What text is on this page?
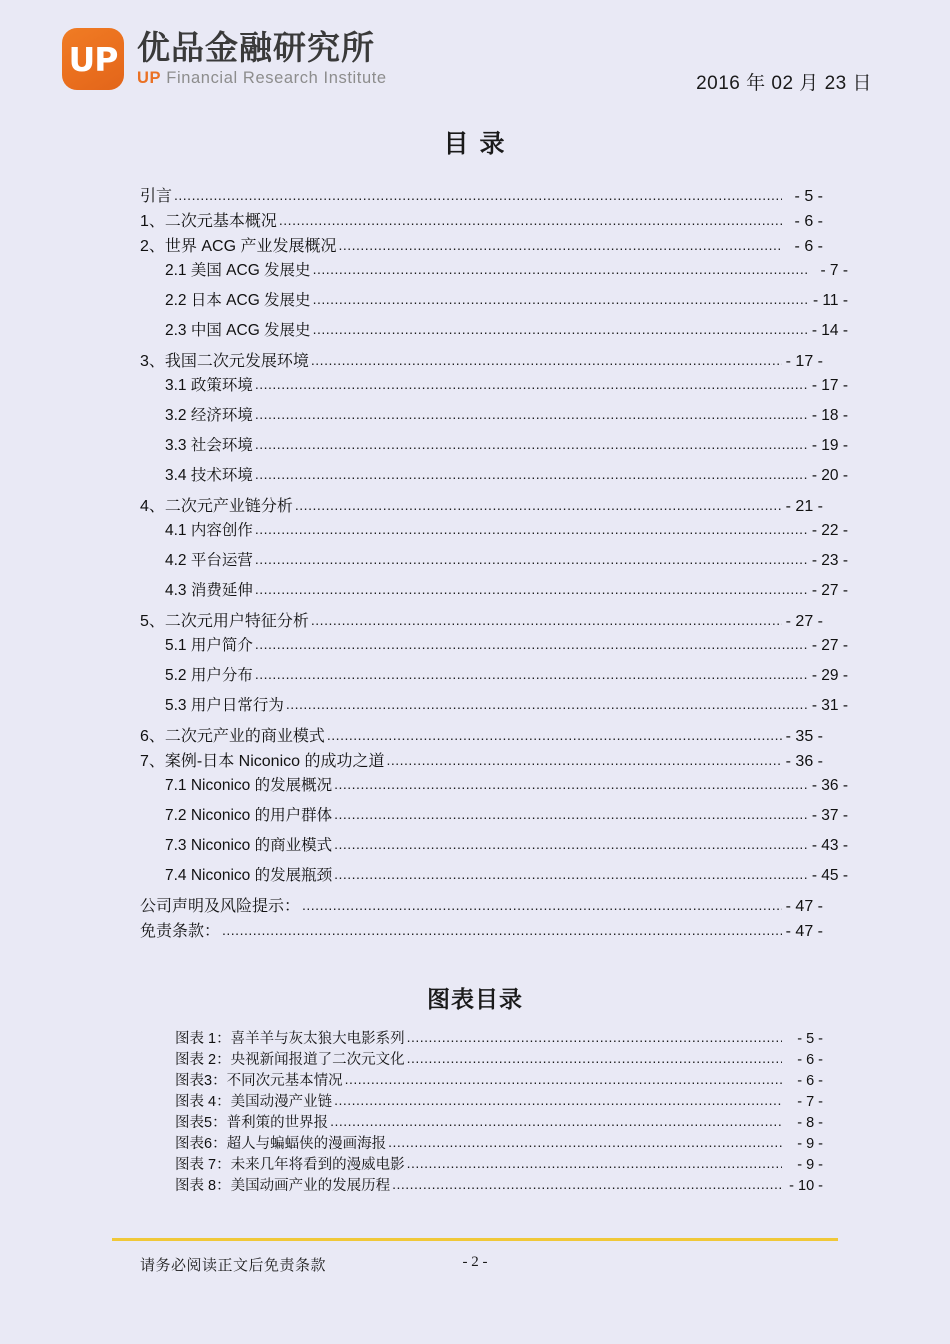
UP 优品金融研究所
UP Financial Research Institute	2016 年 02 月 23 日
目 录
引言 .....	- 5 -
1、二次元基本概况 .....	- 6 -
2、世界 ACG 产业发展概况 .....	- 6 -
2.1 美国 ACG 发展史 .....	- 7 -
2.2 日本 ACG 发展史 .....	- 11 -
2.3 中国 ACG 发展史 .....	- 14 -
3、我国二次元发展环境 .....	- 17 -
3.1 政策环境 .....	- 17 -
3.2 经济环境 .....	- 18 -
3.3 社会环境 .....	- 19 -
3.4 技术环境 .....	- 20 -
4、二次元产业链分析 .....	- 21 -
4.1 内容创作 .....	- 22 -
4.2 平台运营 .....	- 23 -
4.3 消费延伸 .....	- 27 -
5、二次元用户特征分析 .....	- 27 -
5.1 用户简介 .....	- 27 -
5.2 用户分布 .....	- 29 -
5.3 用户日常行为 .....	- 31 -
6、二次元产业的商业模式 .....	- 35 -
7、案例-日本 Niconico 的成功之道 .....	- 36 -
7.1 Niconico 的发展概况 .....	- 36 -
7.2 Niconico 的用户群体 .....	- 37 -
7.3 Niconico 的商业模式 .....	- 43 -
7.4 Niconico 的发展瓶颈 .....	- 45 -
公司声明及风险提示： .....	- 47 -
免责条款： .....	- 47 -
图表目录
图表 1：喜羊羊与灰太狼大电影系列 .....	- 5 -
图表 2：央视新闻报道了二次元文化 .....	- 6 -
图表3：不同次元基本情况 .....	- 6 -
图表 4：美国动漫产业链 .....	- 7 -
图表5：普利策的世界报 .....	- 8 -
图表6：超人与蝙蝠侠的漫画海报 .....	- 9 -
图表 7：未来几年将看到的漫威电影 .....	- 9 -
图表 8：美国动画产业的发展历程 .....	- 10 -
请务必阅读正文后免责条款	- 2 -
